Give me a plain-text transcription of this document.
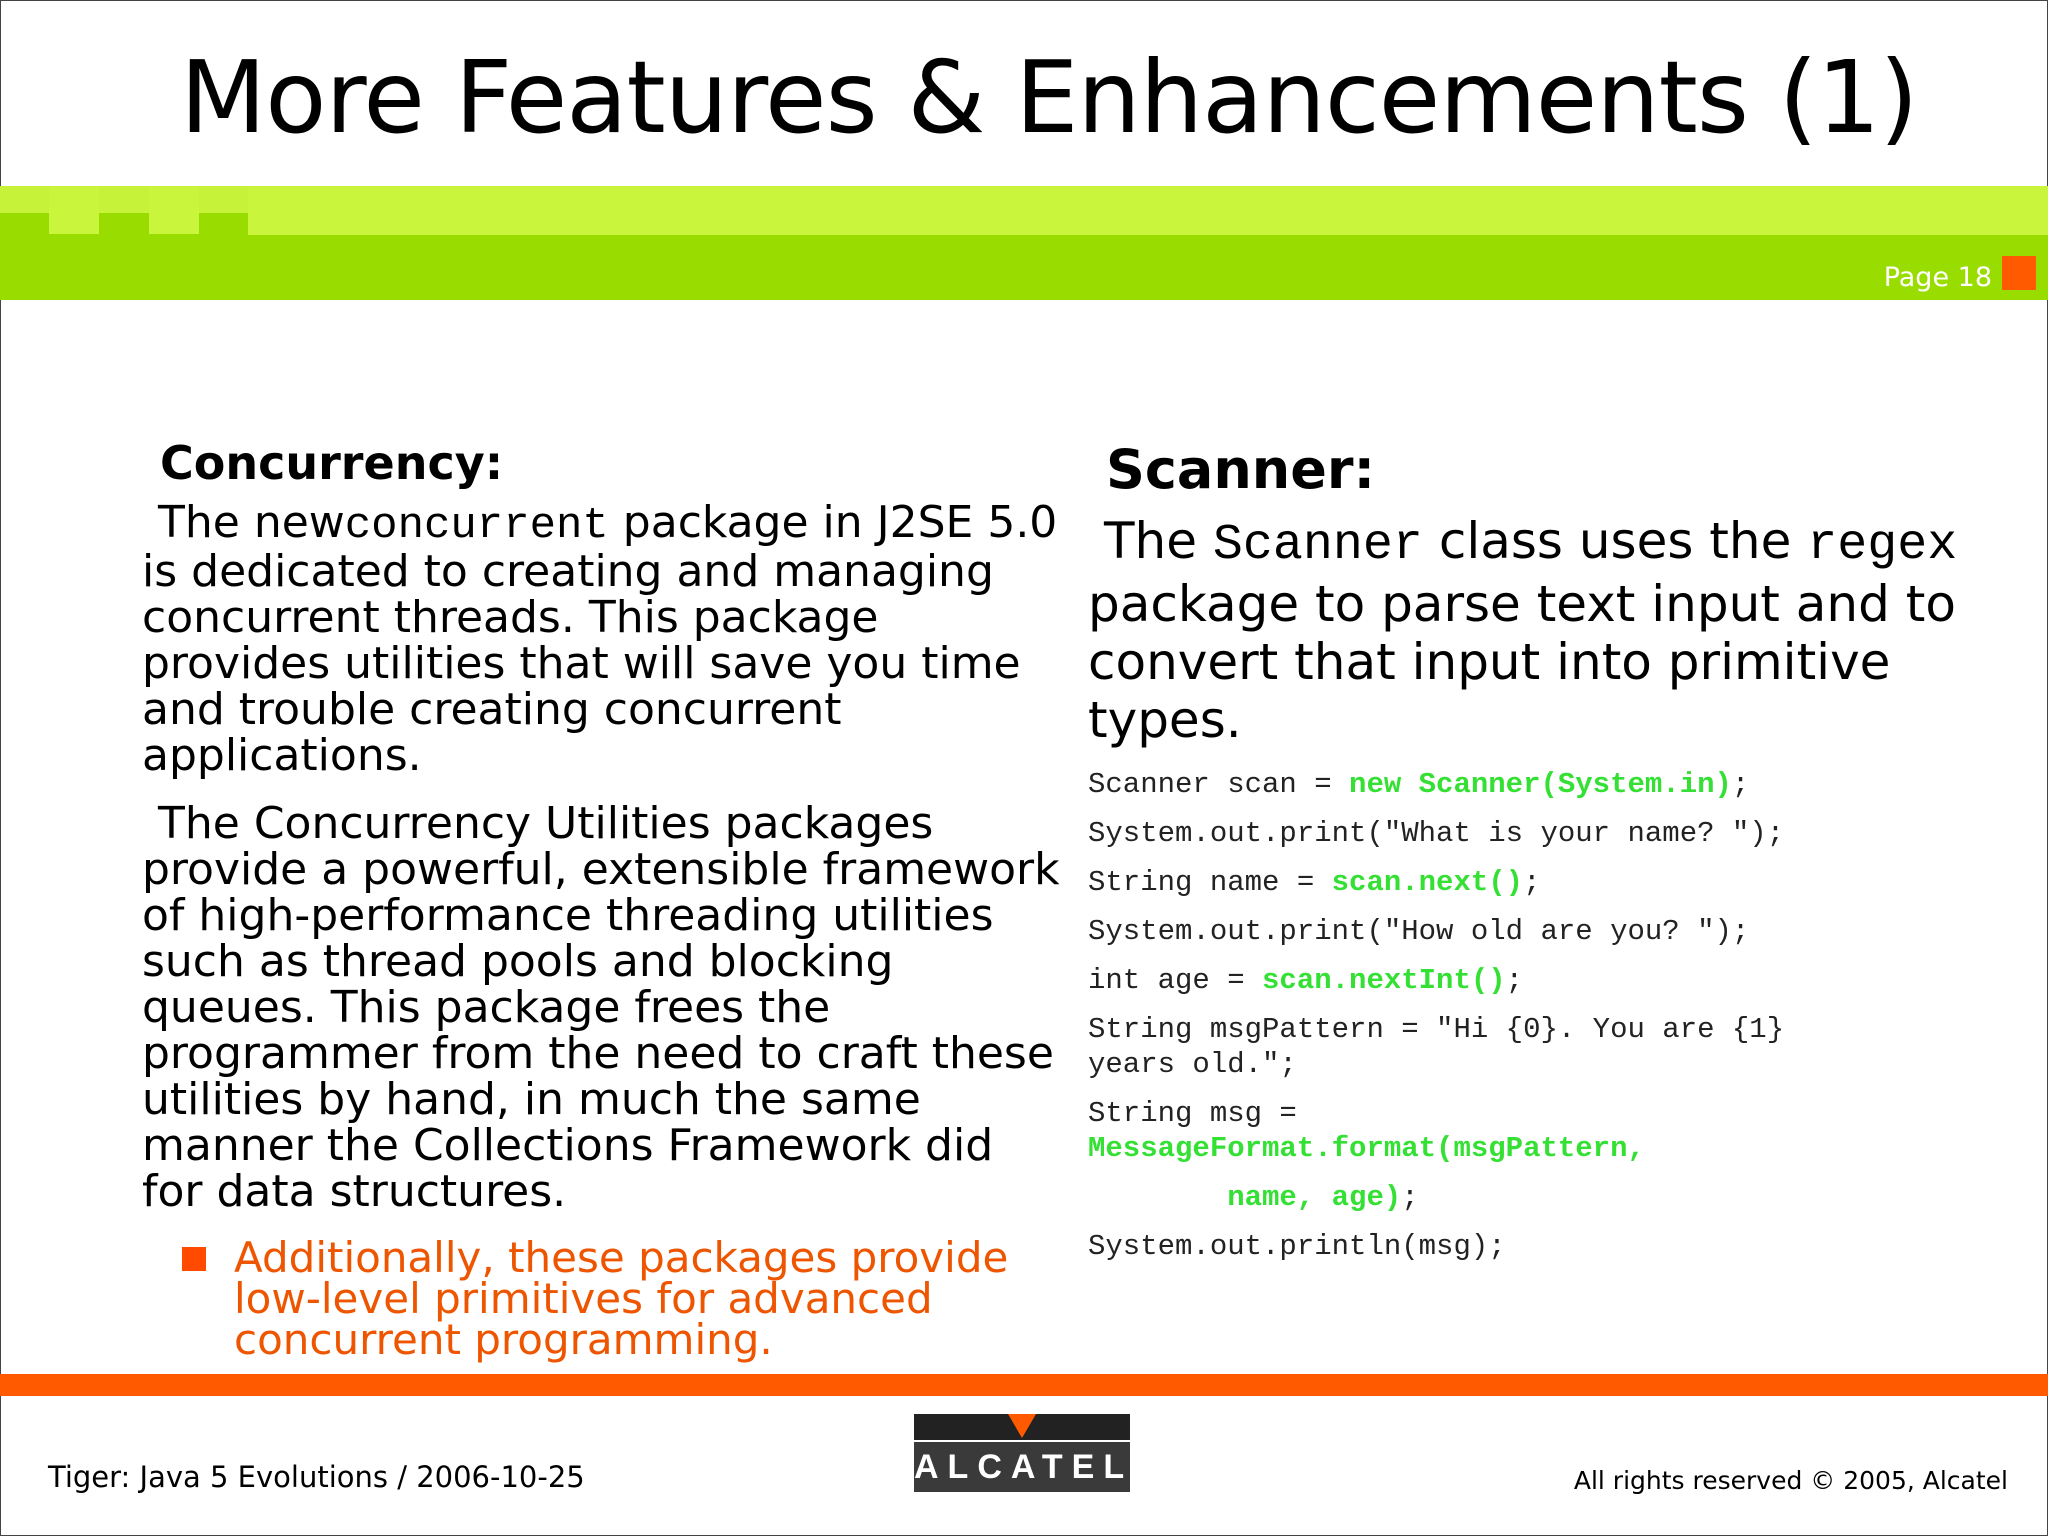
More Features & Enhancements (1)
Page 18
Concurrency:
The newconcurrent package in J2SE 5.0 is dedicated to creating and managing concurrent threads. This package provides utilities that will save you time and trouble creating concurrent applications.
The Concurrency Utilities packages provide a powerful, extensible framework of high-performance threading utilities such as thread pools and blocking queues. This package frees the programmer from the need to craft these utilities by hand, in much the same manner the Collections Framework did for data structures.
Additionally, these packages provide low-level primitives for advanced concurrent programming.
Scanner:
The Scanner class uses the regex package to parse text input and to convert that input into primitive types.
Scanner scan = new Scanner(System.in);
System.out.print("What is your name? ");
String name = scan.next();
System.out.print("How old are you? ");
int age = scan.nextInt();
String msgPattern = "Hi {0}. You are {1}
years old.";
String msg =
MessageFormat.format(msgPattern,
name, age);
System.out.println(msg);
Tiger: Java 5 Evolutions / 2006-10-25	ALCATEL	All rights reserved © 2005, Alcatel
